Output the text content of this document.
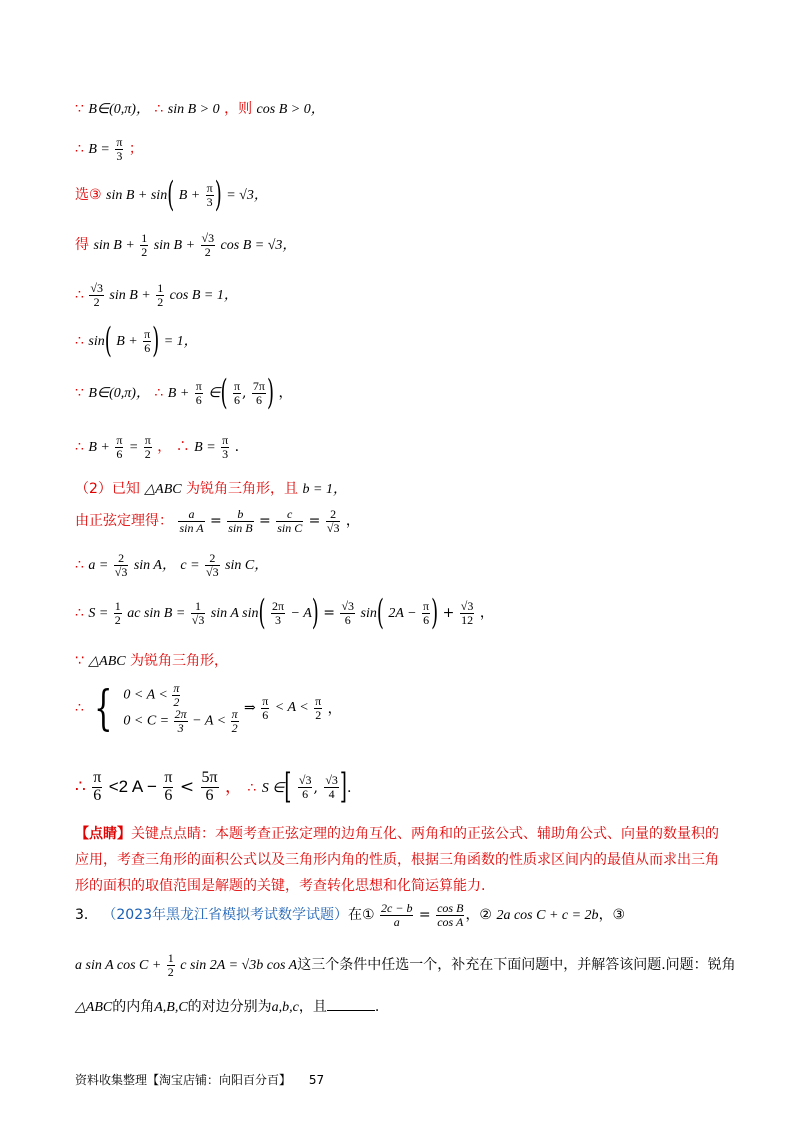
∵ B∈(0,π)， ∴ sin B > 0 ，则 cos B > 0，
∴ $B = \frac{\pi}{3}$ ；
选③ sin B + sin( $B + \frac{\pi}{3}$ ) = √3，
得 $\sin B + \frac{1}{2}$ $\sin B + \frac{√3}{2}$ cos B = √3，
∴ $\frac{√3}{2}$ $\sin B + \frac{1}{2}$ cos B = 1，
∴ sin( $B + \frac{\pi}{6}$ ) = 1，
∵ B∈(0,π)， ∴ $B + \frac{\pi}{6}$ ∈( $\frac{\pi}{6}$ , $\frac{7\pi}{6}$ ) ，
∴ $B + \frac{\pi}{6} = \frac{\pi}{2}$ ， ∴ $B = \frac{\pi}{3}$ .
（2）已知 △ABC 为锐角三角形，且 b = 1，
由正弦定理得： $\frac{a}{\text{sin A}} = \frac{b}{\text{sin B}} = \frac{c}{\text{sin C}} = \frac{2}{√3}$ ，
∴ $a = \frac{2}{√3}$ sin A， $c = \frac{2}{√3}$ sin C，
∴ $S = \frac{1}{2}$ ac $\sin B = \frac{1}{√3}$ sin A $\sin( \frac{2\pi}{3} - A) = \frac{√3}{6} \sin$( $2A - \frac{\pi}{6}$ ) + $\frac{√3}{12}$ ，
∵ △ABC 为锐角三角形，
∴ { $0 < A < \frac{\pi}{2}$
$0 < C = \frac{2\pi}{3} - A < \frac{\pi}{2}$ ⇒ $\frac{\pi}{6} < A < \frac{\pi}{2}$ ，
∴ $\frac{\pi}{6} <2$ $A - \frac{\pi}{6} < \frac{5\pi}{6}$ ， ∴ S ∈[ $\frac{√3}{6}$ , $\frac{√3}{4}$ ].
【点睛】关键点点睛：本题考查正弦定理的边角互化、两角和的正弦公式、辅助角公式、向量的数量积的应用，考查三角形的面积公式以及三角形内角的性质，根据三角函数的性质求区间内的最值从而求出三角形的面积的取值范围是解题的关键，考查转化思想和化简运算能力.
3． （2023年黑龙江省模拟考试数学试题）在① $\frac{2c - b}{a} = \frac{\text{cos B}}{\text{cos A}}$ ，② 2a cos C + c = 2b，③
a sin A $\cos C + \frac{1}{2}$ c sin 2A = √3b cos A这三个条件中任选一个，补充在下面问题中，并解答该问题.问题：锐角
△ABC的内角A,B,C的对边分别为a,b,c，且	.
资料收集整理【淘宝店铺：向阳百分百】 57
